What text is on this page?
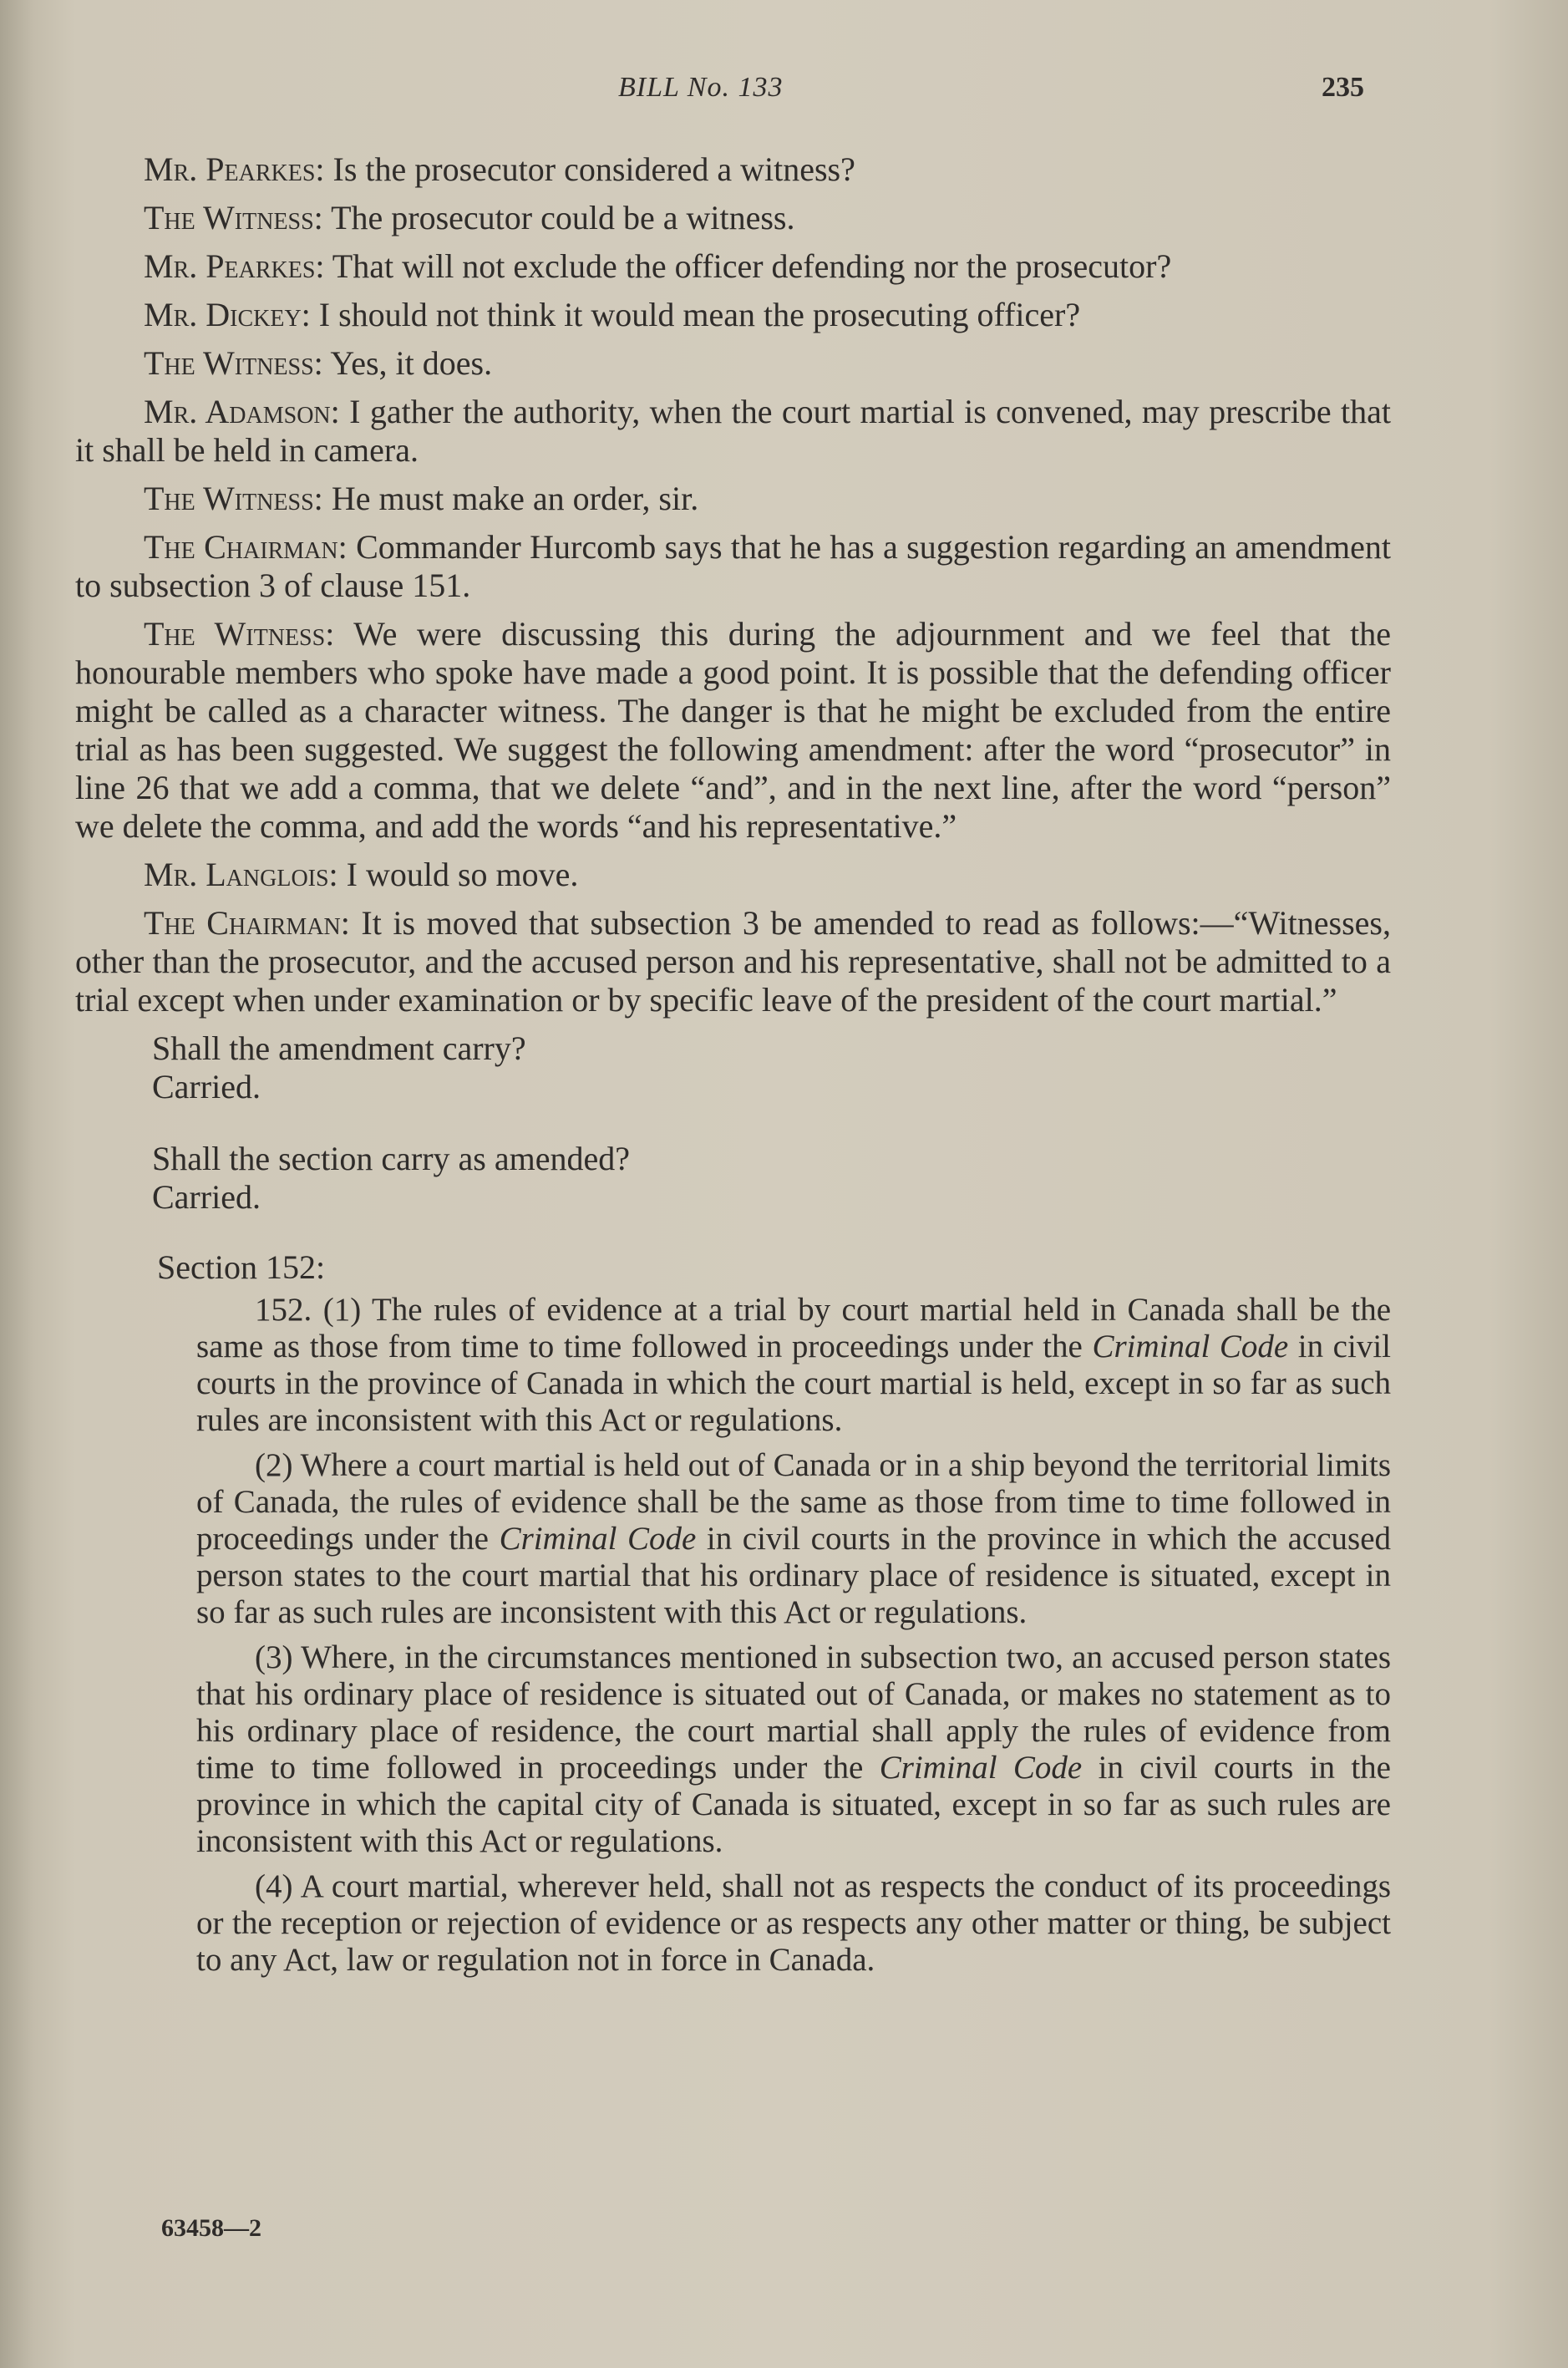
BILL No. 133	235

Mr. Pearkes: Is the prosecutor considered a witness?

The Witness: The prosecutor could be a witness.

Mr. Pearkes: That will not exclude the officer defending nor the prosecutor?

Mr. Dickey: I should not think it would mean the prosecuting officer?

The Witness: Yes, it does.

Mr. Adamson: I gather the authority, when the court martial is convened, may prescribe that it shall be held in camera.

The Witness: He must make an order, sir.

The Chairman: Commander Hurcomb says that he has a suggestion regarding an amendment to subsection 3 of clause 151.

The Witness: We were discussing this during the adjournment and we feel that the honourable members who spoke have made a good point. It is possible that the defending officer might be called as a character witness. The danger is that he might be excluded from the entire trial as has been suggested. We suggest the following amendment: after the word “prosecutor” in line 26 that we add a comma, that we delete “and”, and in the next line, after the word “person” we delete the comma, and add the words “and his representative.”

Mr. Langlois: I would so move.

The Chairman: It is moved that subsection 3 be amended to read as follows:—“Witnesses, other than the prosecutor, and the accused person and his representative, shall not be admitted to a trial except when under examination or by specific leave of the president of the court martial.”

Shall the amendment carry?

Carried.

Shall the section carry as amended?

Carried.

Section 152:

152. (1) The rules of evidence at a trial by court martial held in Canada shall be the same as those from time to time followed in proceedings under the Criminal Code in civil courts in the province of Canada in which the court martial is held, except in so far as such rules are inconsistent with this Act or regulations.

(2) Where a court martial is held out of Canada or in a ship beyond the territorial limits of Canada, the rules of evidence shall be the same as those from time to time followed in proceedings under the Criminal Code in civil courts in the province in which the accused person states to the court martial that his ordinary place of residence is situated, except in so far as such rules are inconsistent with this Act or regulations.

(3) Where, in the circumstances mentioned in subsection two, an accused person states that his ordinary place of residence is situated out of Canada, or makes no statement as to his ordinary place of residence, the court martial shall apply the rules of evidence from time to time followed in proceedings under the Criminal Code in civil courts in the province in which the capital city of Canada is situated, except in so far as such rules are inconsistent with this Act or regulations.

(4) A court martial, wherever held, shall not as respects the conduct of its proceedings or the reception or rejection of evidence or as respects any other matter or thing, be subject to any Act, law or regulation not in force in Canada.

63458—2
